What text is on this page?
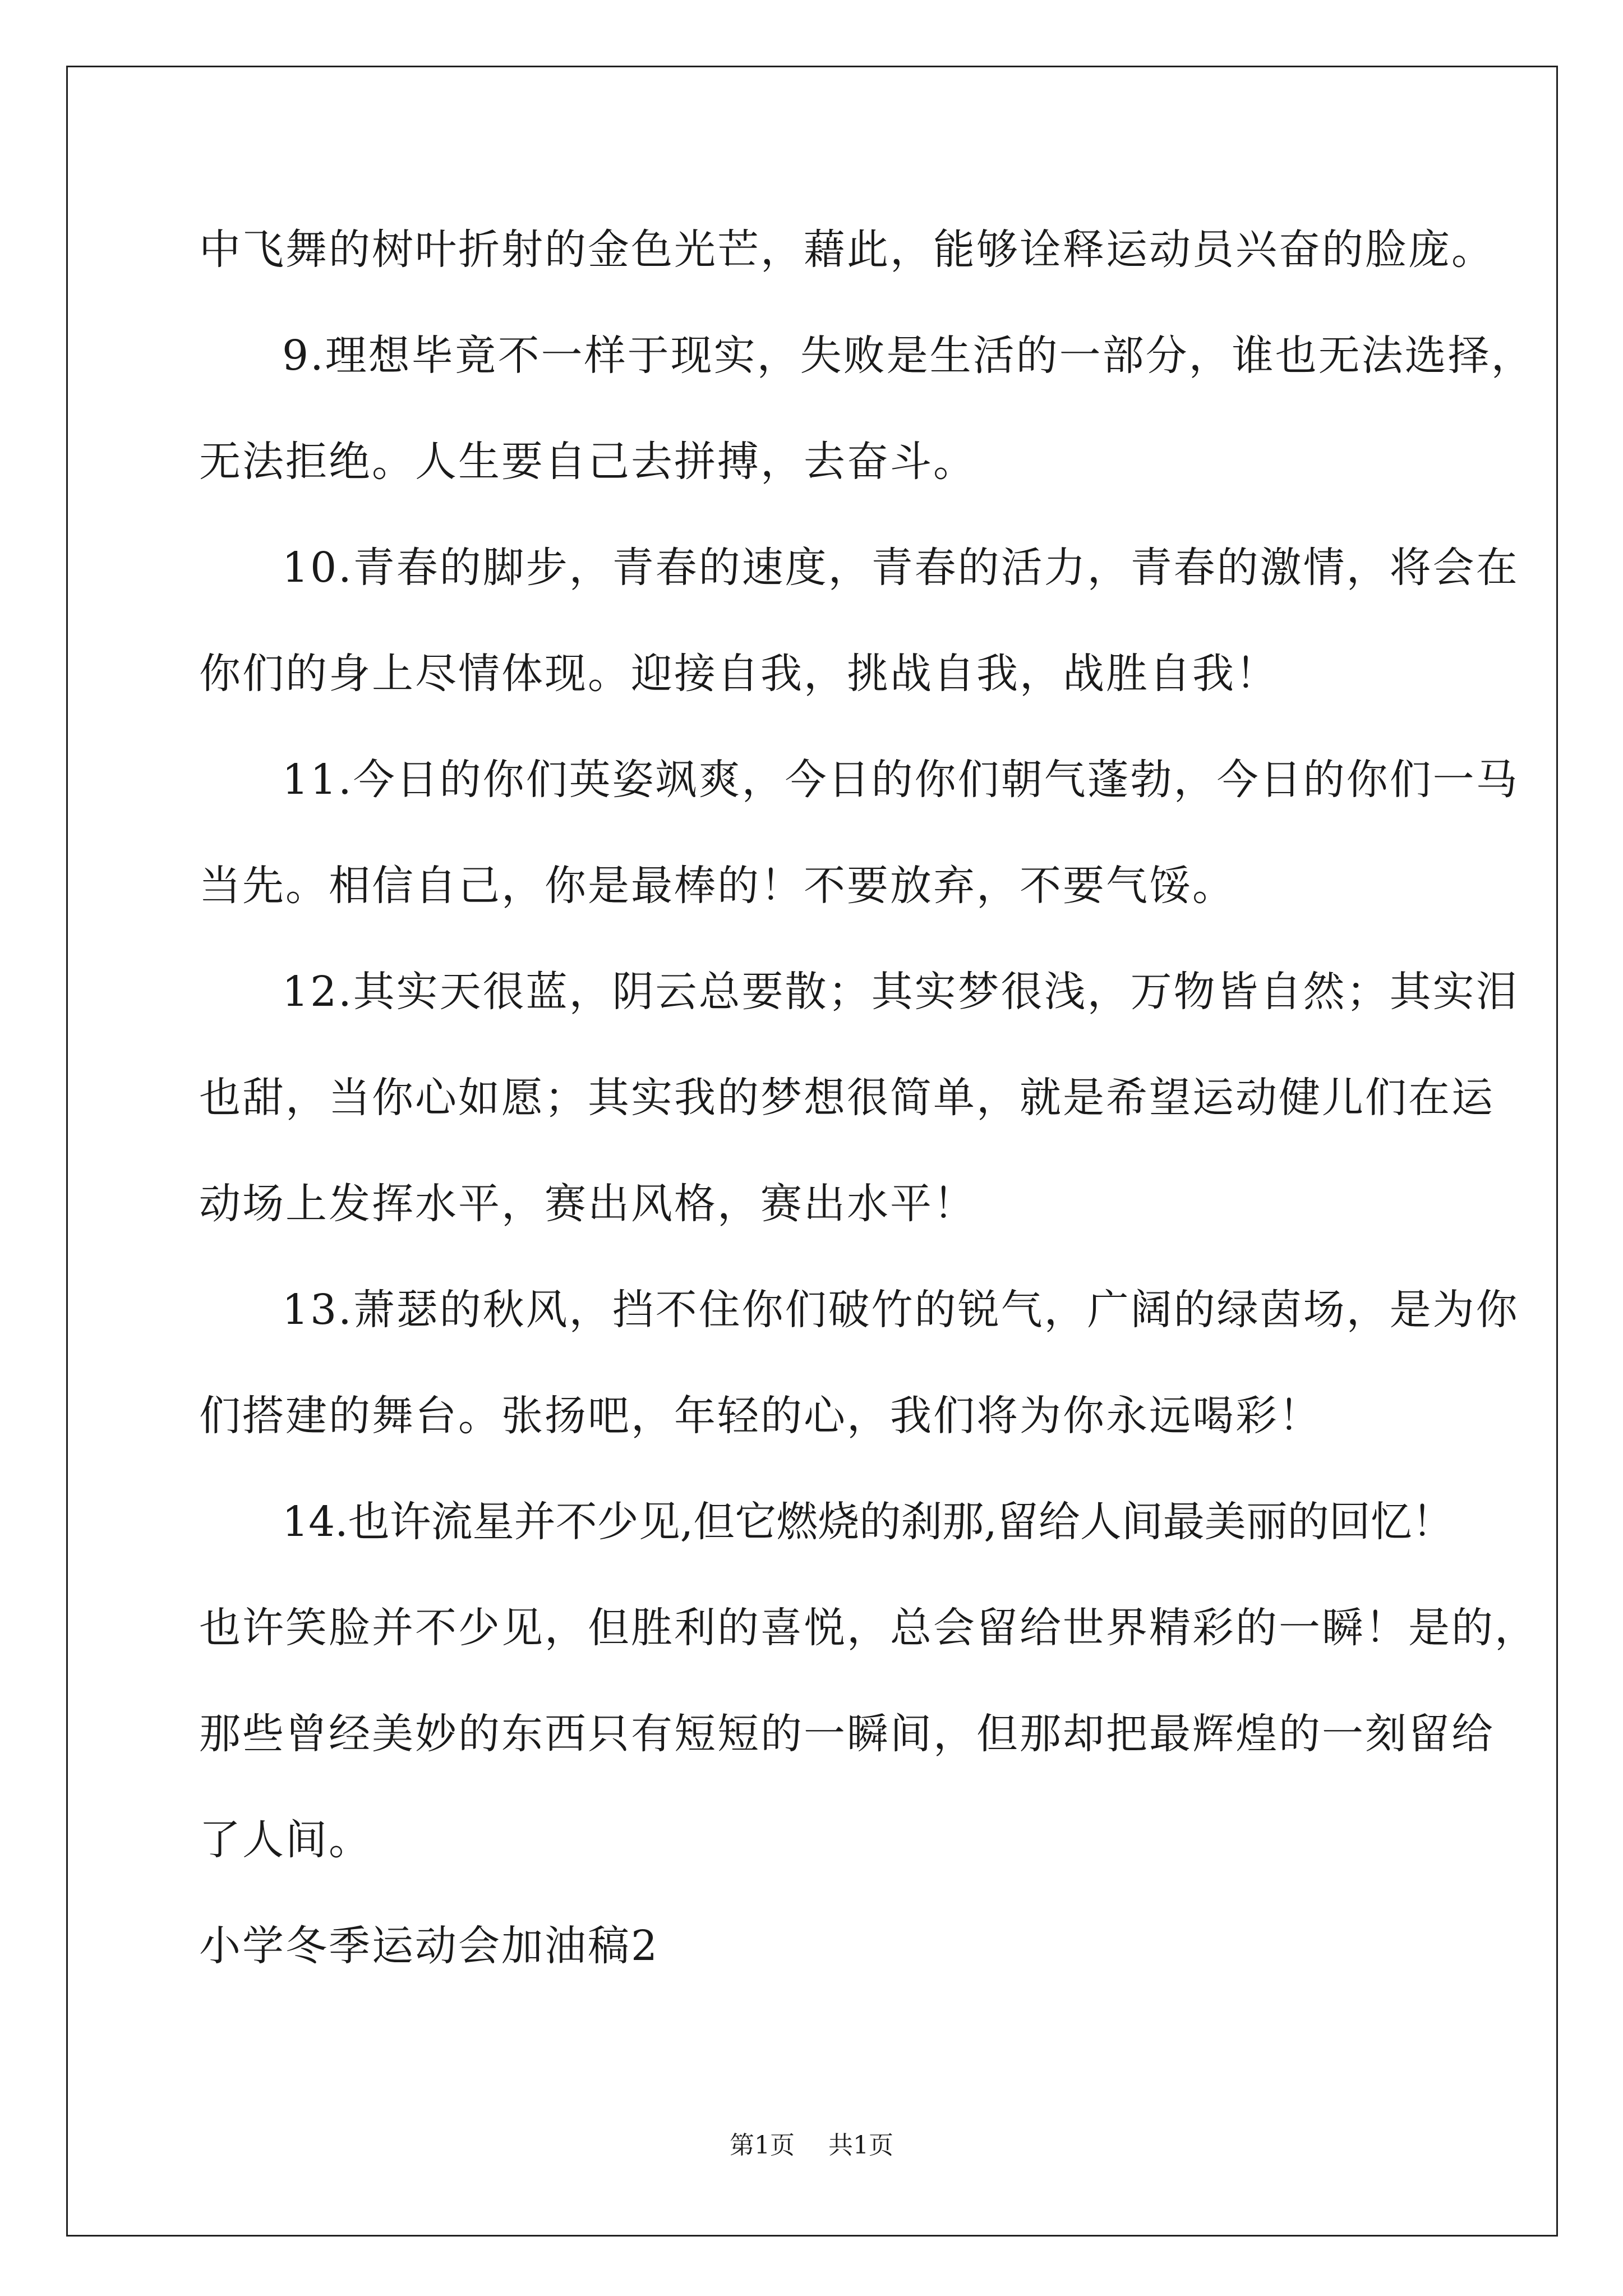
中飞舞的树叶折射的金色光芒，藉此，能够诠释运动员兴奋的脸庞。
9.理想毕竟不一样于现实，失败是生活的一部分，谁也无法选择，
无法拒绝。人生要自己去拼搏，去奋斗。
10.青春的脚步，青春的速度，青春的活力，青春的激情，将会在
你们的身上尽情体现。迎接自我，挑战自我，战胜自我！
11.今日的你们英姿飒爽，今日的你们朝气蓬勃，今日的你们一马
当先。相信自己，你是最棒的！不要放弃，不要气馁。
12.其实天很蓝，阴云总要散；其实梦很浅，万物皆自然；其实泪
也甜，当你心如愿；其实我的梦想很简单，就是希望运动健儿们在运
动场上发挥水平，赛出风格，赛出水平！
13.萧瑟的秋风，挡不住你们破竹的锐气，广阔的绿茵场，是为你
们搭建的舞台。张扬吧，年轻的心，我们将为你永远喝彩！
14.也许流星并不少见,但它燃烧的刹那,留给人间最美丽的回忆！
也许笑脸并不少见，但胜利的喜悦，总会留给世界精彩的一瞬！是的，
那些曾经美妙的东西只有短短的一瞬间，但那却把最辉煌的一刻留给
了人间。
小学冬季运动会加油稿2
第1页 共1页
